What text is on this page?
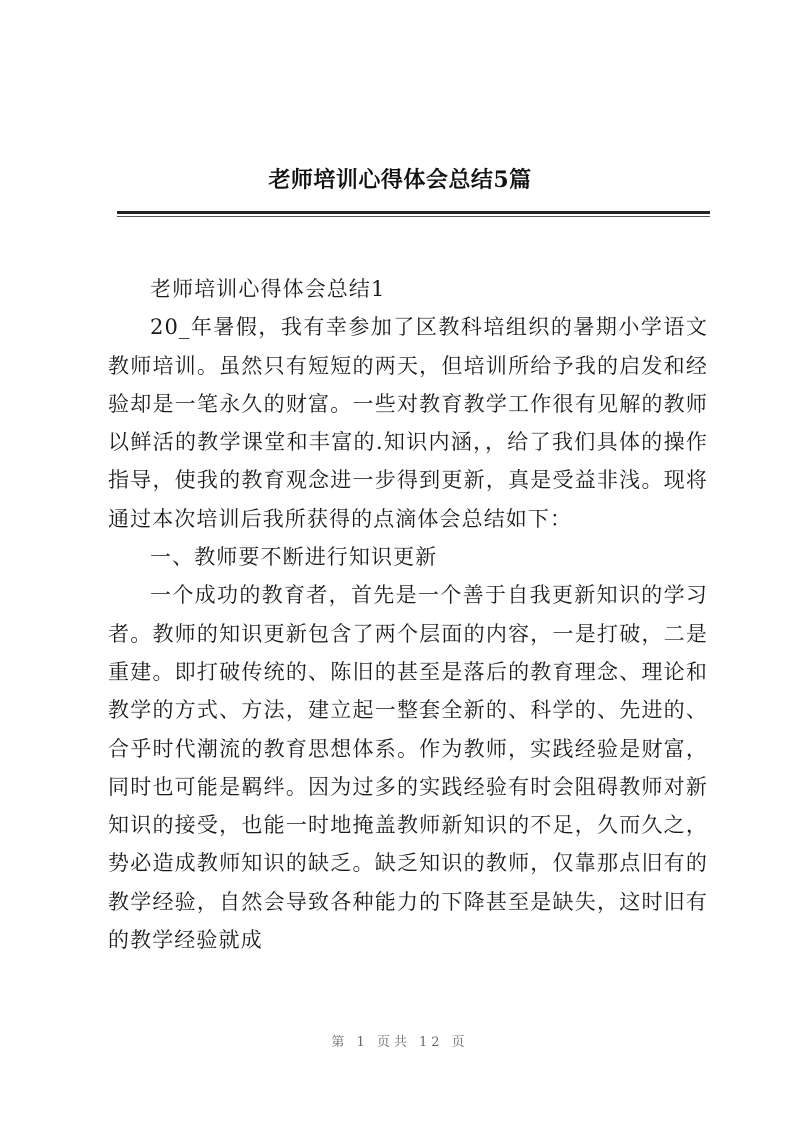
老师培训心得体会总结5篇

老师培训心得体会总结1

20_年暑假，我有幸参加了区教科培组织的暑期小学语文教师培训。虽然只有短短的两天，但培训所给予我的启发和经验却是一笔永久的财富。一些对教育教学工作很有见解的教师以鲜活的教学课堂和丰富的.知识内涵，，给了我们具体的操作指导，使我的教育观念进一步得到更新，真是受益非浅。现将通过本次培训后我所获得的点滴体会总结如下：

一、教师要不断进行知识更新

一个成功的教育者，首先是一个善于自我更新知识的学习者。教师的知识更新包含了两个层面的内容，一是打破，二是重建。即打破传统的、陈旧的甚至是落后的教育理念、理论和教学的方式、方法，建立起一整套全新的、科学的、先进的、合乎时代潮流的教育思想体系。作为教师，实践经验是财富，同时也可能是羁绊。因为过多的实践经验有时会阻碍教师对新知识的接受，也能一时地掩盖教师新知识的不足，久而久之，势必造成教师知识的缺乏。缺乏知识的教师，仅靠那点旧有的教学经验，自然会导致各种能力的下降甚至是缺失，这时旧有的教学经验就成

第 1 页共 12 页
